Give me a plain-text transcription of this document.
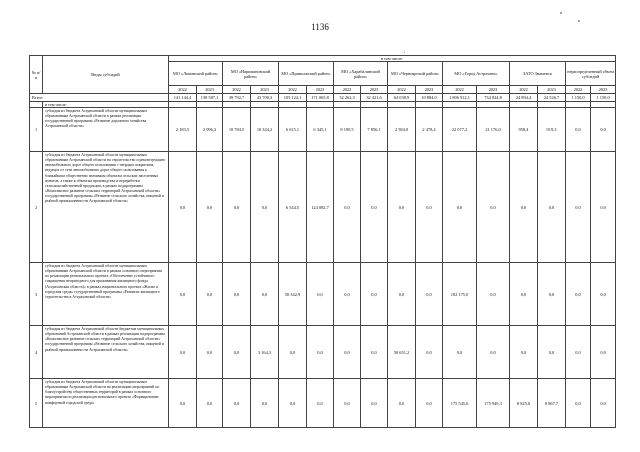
1136
№ п/п	Виды субсидий	в том числе:															
		МО «Лиманский район»		МО «Наримановский район»		МО «Приволжский район»		МО «Харабалинский район»		МО «Черноярский район»		МО «Город Астрахань»		ЗАТО Знаменск		нераспределенный объем субсидий	
		2022	2023	2022	2023	2022	2023	2022	2023	2022	2023	2022	2023	2022	2023	2022	2023
Всего:		141 144,4	138 587,1	39 792,7	43 700,3	105 124,1	171 065,8	32 262,3	32 421,6	64 038,9	10 884,0	1 806 912,1	734 824,8	24 894,4	24 526,7	1 150,0	1 150,0
	в том числе:																
1	субсидия из бюджета Астраханской области муниципальным образованиям Астраханской области в рамках реализации государственной программы «Развитие дорожного хозяйства Астраханской области»	2 183,5	2 096,3	10 784,5	10 344,2	6 615,1	6 345,1	8 190,5	7 856,1	2 584,0	2 478,4	22 077,2	21 176,0	958,4	919,3	0,0	0,0
2	субсидия из бюджета Астраханской области муниципальным образованиям Астраханской области на строительство и реконструкцию автомобильных дорог общего пользования с твердым покрытием, ведущих от сети автомобильных дорог общего пользования к ближайшим общественно значимым объектам сельских населенных пунктов, а также к объектам производства и переработки сельскохозяйственной продукции, в рамках подпрограммы «Комплексное развитие сельских территорий Астраханской области» государственной программы «Развитие сельского хозяйства, пищевой и рыбной промышленности Астраханской области»	0,0	0,0	0,0	0,0	6 544,5	124 082,7	0,0	0,0	0,0	0,0	0,0	0,0	0,0	0,0	0,0	0,0
3	субсидия из бюджета Астраханской области муниципальным образованиям Астраханской области в рамках основного мероприятия по реализации регионального проекта «Обеспечение устойчивого сокращения непригодного для проживания жилищного фонда (Астраханская область)» в рамках национального проекта «Жилье и городская среда» государственной программы «Развитие жилищного строительства в Астраханской области»	0,0	0,0	0,0	0,0	50 342,9	0,0	0,0	0,0	0,0	0,0	182 175,0	0,0	0,0	0,0	0,0	0,0
4	субсидия из бюджета Астраханской области бюджетам муниципальных образований Астраханской области в рамках реализации подпрограммы «Комплексное развитие сельских территорий Астраханской области» государственной программы «Развитие сельского хозяйства, пищевой и рыбной промышленности Астраханской области»	0,0	0,0	0,0	3 164,3	0,0	0,0	0,0	0,0	50 651,2	0,0	0,0	0,0	0,0	0,0	0,0	0,0
5	субсидия из бюджета Астраханской области муниципальным образованиям Астраханской области на реализацию мероприятий по благоустройству общественных территорий в рамках основного мероприятия по реализации регионального проекта «Формирование комфортной городской среды	0,0	0,0	0,0	0,0	0,0	0,0	0,0	0,0	0,0	0,0	175 545,6	175 949,3	8 825,0	8 867,7	0,0	0,0
